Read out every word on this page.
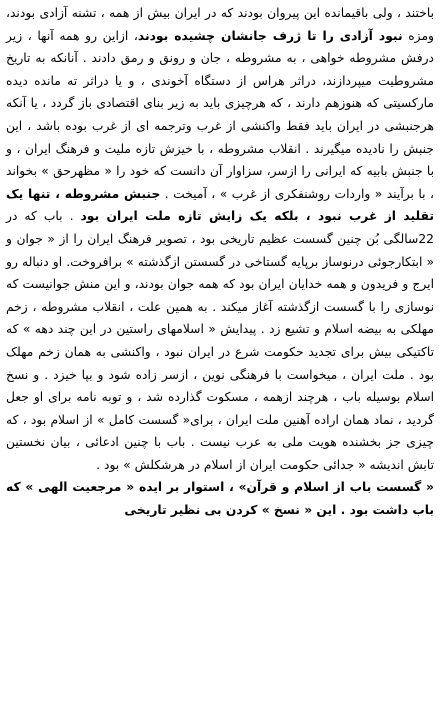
باختند ، ولی باقیمانده این پیروان بودند که در ایران بیش از همه ، تشنه آزادی بودند، ومزه نبود آزادی را تا ژرف جانشان چشیده بودند، ازاین رو همه آنها ، زیر درفش مشروطه خواهی ، به مشروطه ، جان و رونق و رمق دادند . آنانکه به تاریخ مشروطیت میپردازند، دراثر هراس از دستگاه آخوندی ، و یا دراثر ته مانده دیده مارکسیتی که هنوزهم دارند ، که هرچیزی باید به زیر بنای اقتصادی باز گردد ، یا آنکه هرجنبشی در ایران باید فقط واکنشی از غرب وترجمه ای از غرب بوده باشد ، این جنبش را نادیده میگیرند . انقلاب مشروطه ، با خیزش تازه ملیت و فرهنگ ایران ، و با جنبش بابیه که ایرانی را ازسر، سزاوار آن دانست که خود را « مظهرحق » بخواند ، با برآیند « واردات روشنفکری از غرب » ، آمیخت . جنبش مشروطه ، تنها یک تقلید از غرب نبود ، بلکه یک زایش تازه ملت ایران بود . باب که در 22سالگی بُن چنین گسست عظیم تاریخی بود ، تصویر فرهنگ ایران را از « جوان و « ابتکارجوئی درنوساز برپایه گستاخی در گسستن ازگذشته » برافروخت. او دنباله رو ایرج و فریدون و همه خدایان ایران بود که همه جوان بودند، و این منش جوانیست که نوسازی را با گسست ازگذشته آغاز میکند . به همین علت ، انقلاب مشروطه ، زخم مهلکی به بیضه اسلام و تشیع زد . پیدایش « اسلامهای راستین در این چند دهه » که تاکتیکی بیش برای تجدید حکومت شرع در ایران نبود ، واکنشی به همان زخم مهلک بود . ملت ایران ، میخواست با فرهنگی نوین ، ازسر زاده شود و بپا خیزد . و نسخ اسلام بوسیله باب ، هرچند ازهمه ، مسکوت گذارده شد ، و توبه نامه برای او جعل گردید ، نماد همان اراده آهنین ملت ایران ، برای« گسست کامل » از اسلام بود ، که چیزی جز بخشنده هویت ملی به عرب نیست . باب با چنین ادعائی ، بیان نخستین تابش اندیشه « جدائی حکومت ایران از اسلام در هرشکلش » بود .
« گسست باب از اسلام و قرآن» ، استوار بر ایده « مرجعیت الهی » که باب داشت بود . این « نسخ » کردن بی نظیر تاریخی
